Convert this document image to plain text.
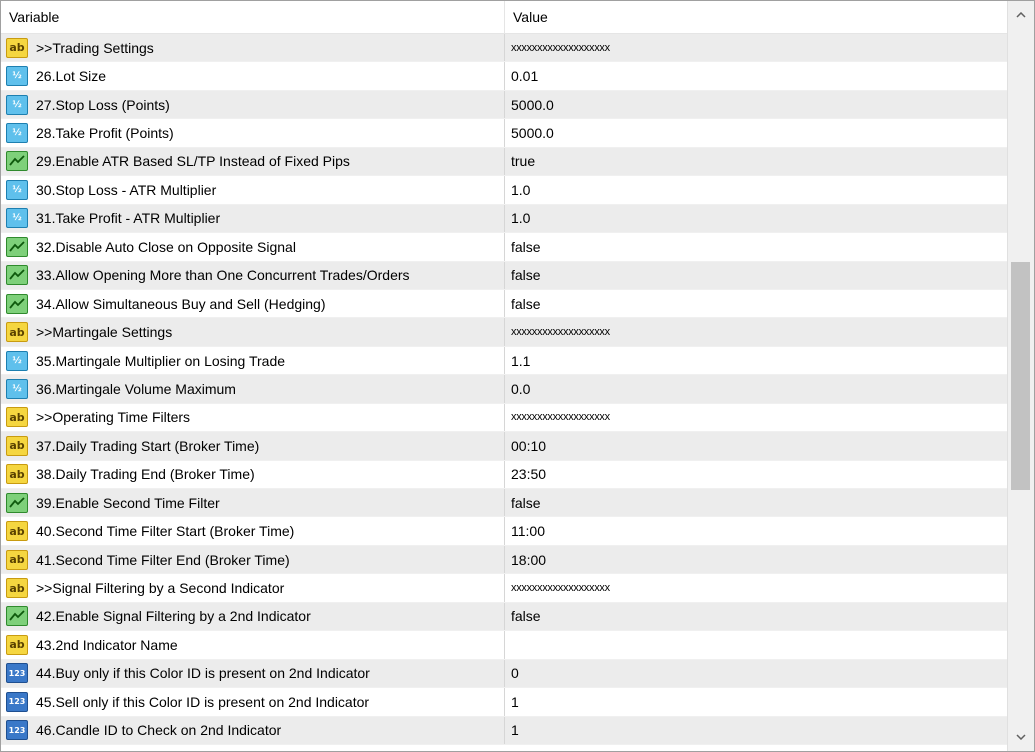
Variable	Value
ab >>Trading Settings	xxxxxxxxxxxxxxxxxxx
½ 26.Lot Size	0.01
½ 27.Stop Loss (Points)	5000.0
½ 28.Take Profit (Points)	5000.0
29.Enable ATR Based SL/TP Instead of Fixed Pips	true
½ 30.Stop Loss - ATR Multiplier	1.0
½ 31.Take Profit - ATR Multiplier	1.0
32.Disable Auto Close on Opposite Signal	false
33.Allow Opening More than One Concurrent Trades/Orders	false
34.Allow Simultaneous Buy and Sell (Hedging)	false
ab >>Martingale Settings	xxxxxxxxxxxxxxxxxxx
½ 35.Martingale Multiplier on Losing Trade	1.1
½ 36.Martingale Volume Maximum	0.0
ab >>Operating Time Filters	xxxxxxxxxxxxxxxxxxx
ab 37.Daily Trading Start (Broker Time)	00:10
ab 38.Daily Trading End (Broker Time)	23:50
39.Enable Second Time Filter	false
ab 40.Second Time Filter Start (Broker Time)	11:00
ab 41.Second Time Filter End (Broker Time)	18:00
ab >>Signal Filtering by a Second Indicator	xxxxxxxxxxxxxxxxxxx
42.Enable Signal Filtering by a 2nd Indicator	false
ab 43.2nd Indicator Name
123 44.Buy only if this Color ID is present on 2nd Indicator	0
123 45.Sell only if this Color ID is present on 2nd Indicator	1
123 46.Candle ID to Check on 2nd Indicator	1
